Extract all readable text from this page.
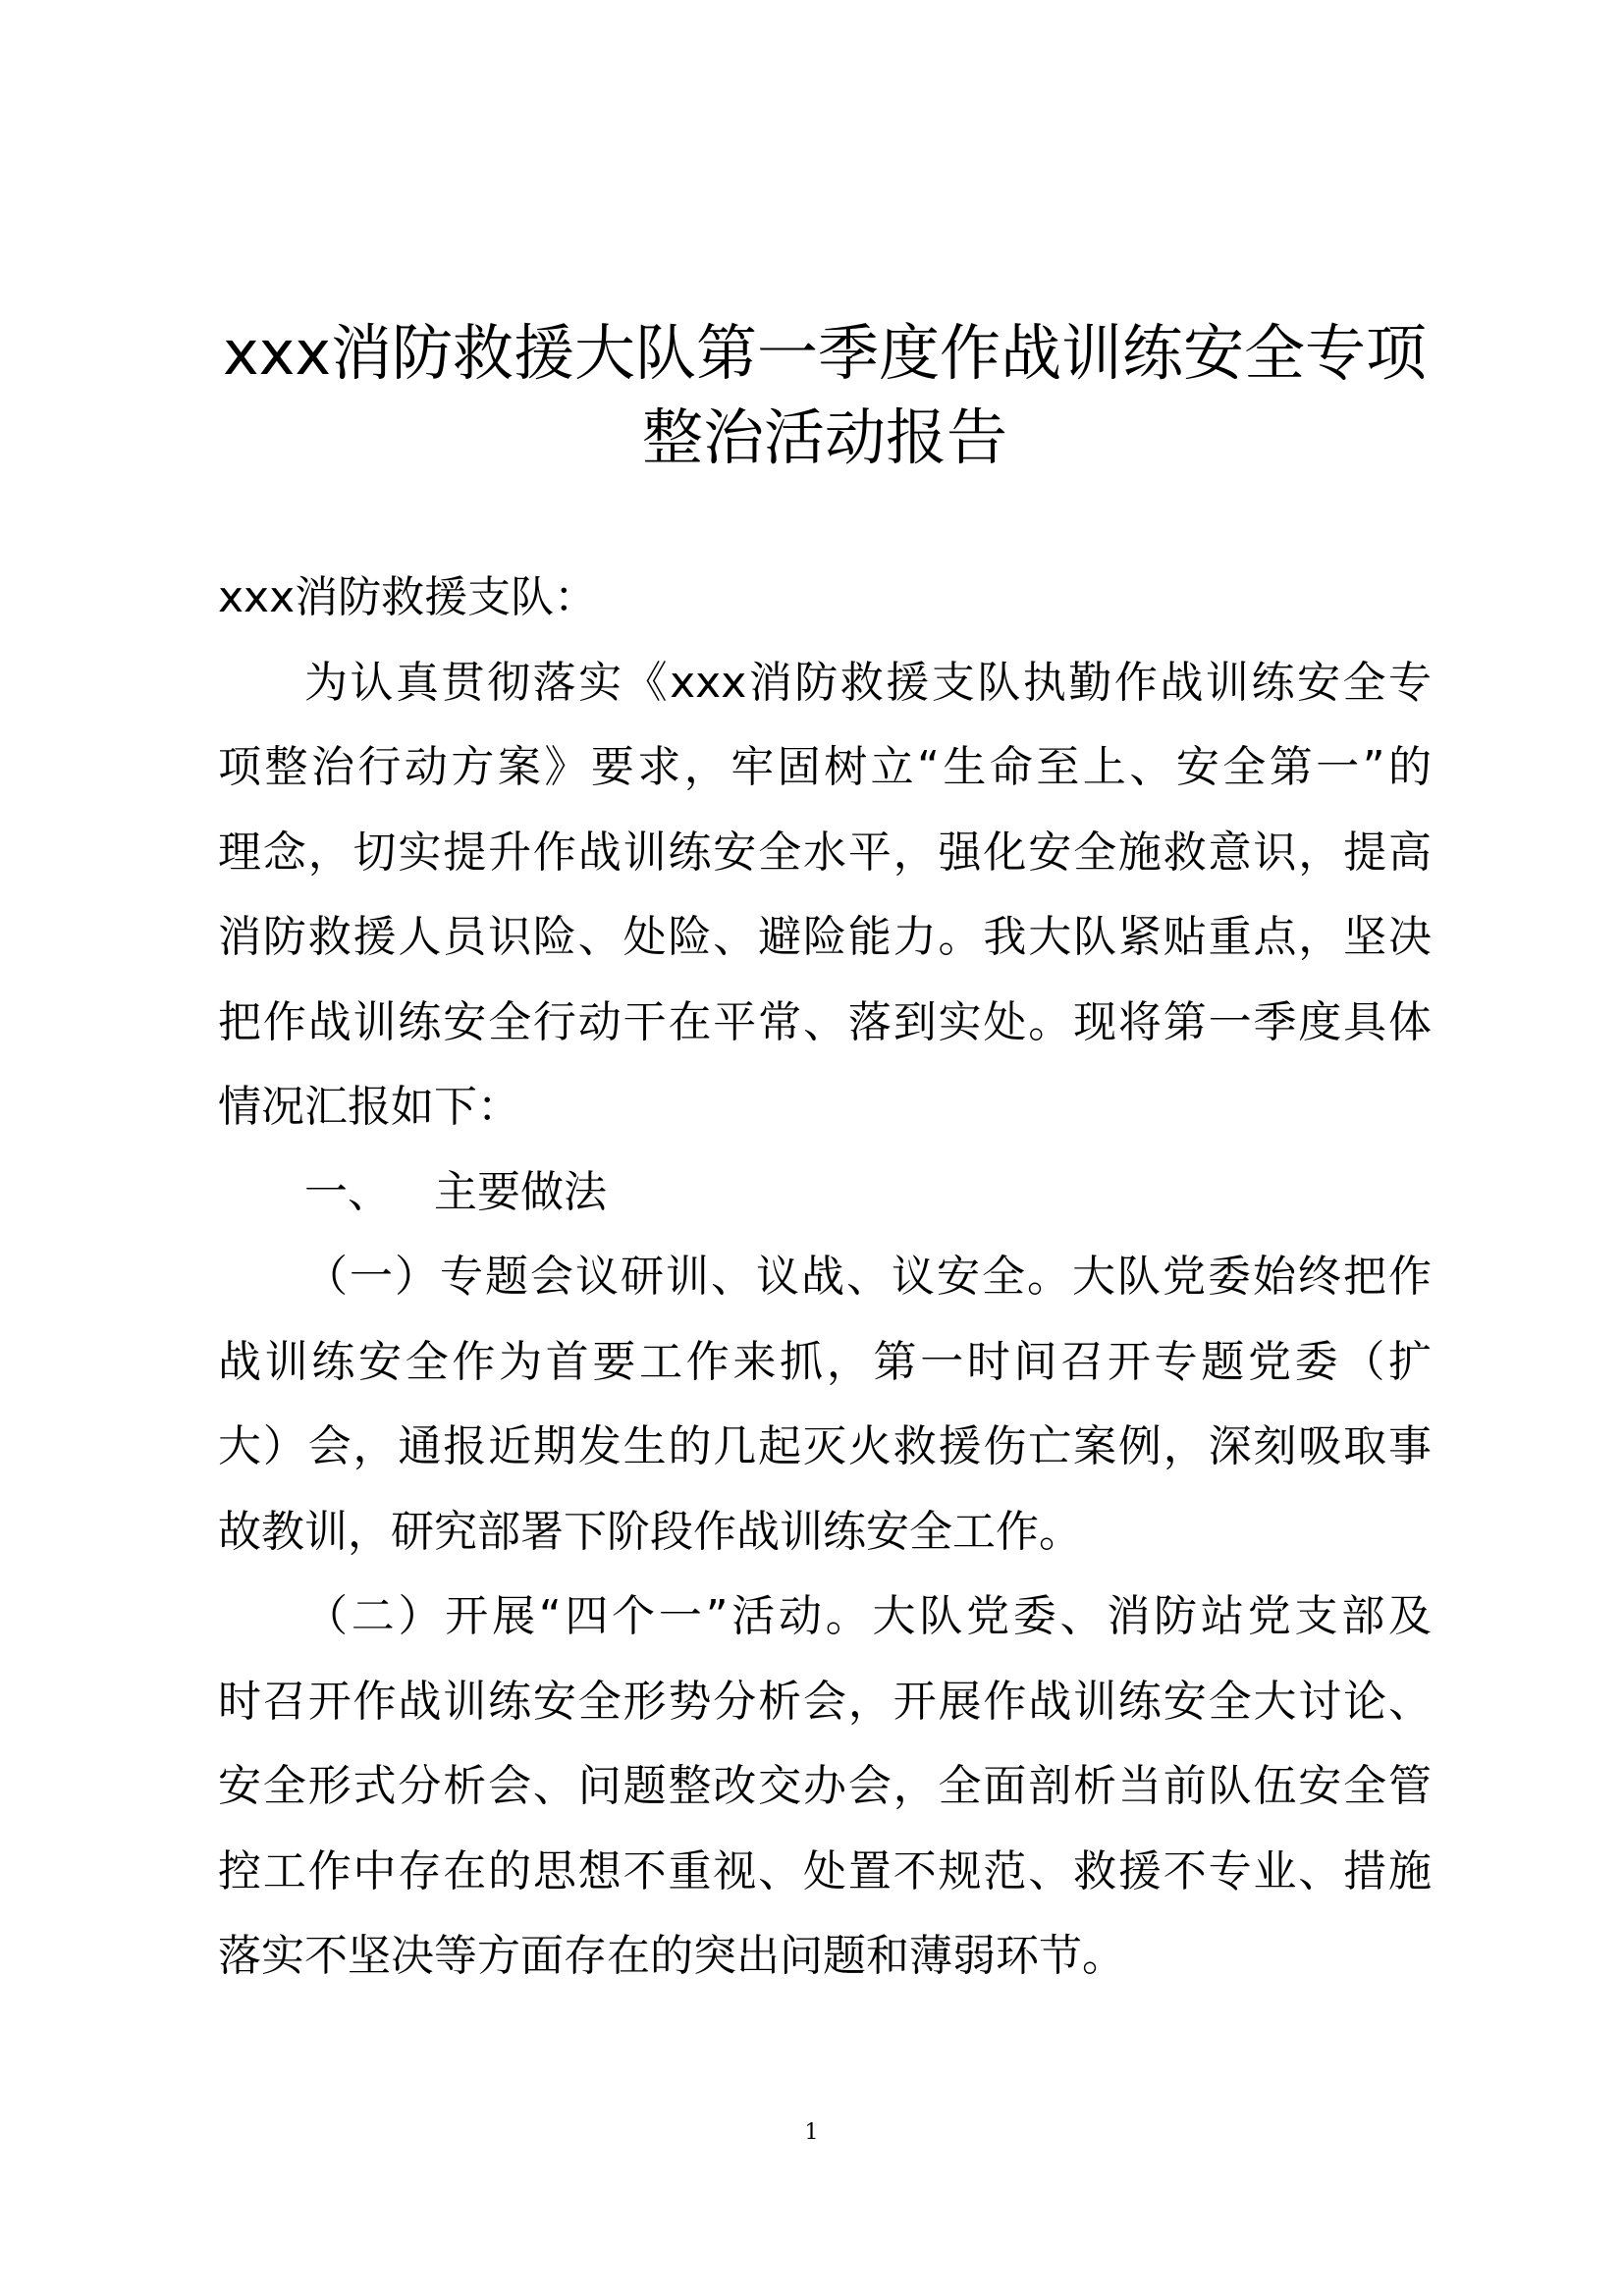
xxx消防救援大队第一季度作战训练安全专项
整治活动报告
xxx消防救援支队：
为认真贯彻落实《xxx消防救援支队执勤作战训练安全专
项整治行动方案》要求，牢固树立“生命至上、安全第一”的
理念，切实提升作战训练安全水平，强化安全施救意识，提高
消防救援人员识险、处险、避险能力。我大队紧贴重点，坚决
把作战训练安全行动干在平常、落到实处。现将第一季度具体
情况汇报如下：
一、 主要做法
（一）专题会议研训、议战、议安全。大队党委始终把作
战训练安全作为首要工作来抓，第一时间召开专题党委（扩
大）会，通报近期发生的几起灭火救援伤亡案例，深刻吸取事
故教训，研究部署下阶段作战训练安全工作。
（二）开展“四个一”活动。大队党委、消防站党支部及
时召开作战训练安全形势分析会，开展作战训练安全大讨论、
安全形式分析会、问题整改交办会，全面剖析当前队伍安全管
控工作中存在的思想不重视、处置不规范、救援不专业、措施
落实不坚决等方面存在的突出问题和薄弱环节。
1
